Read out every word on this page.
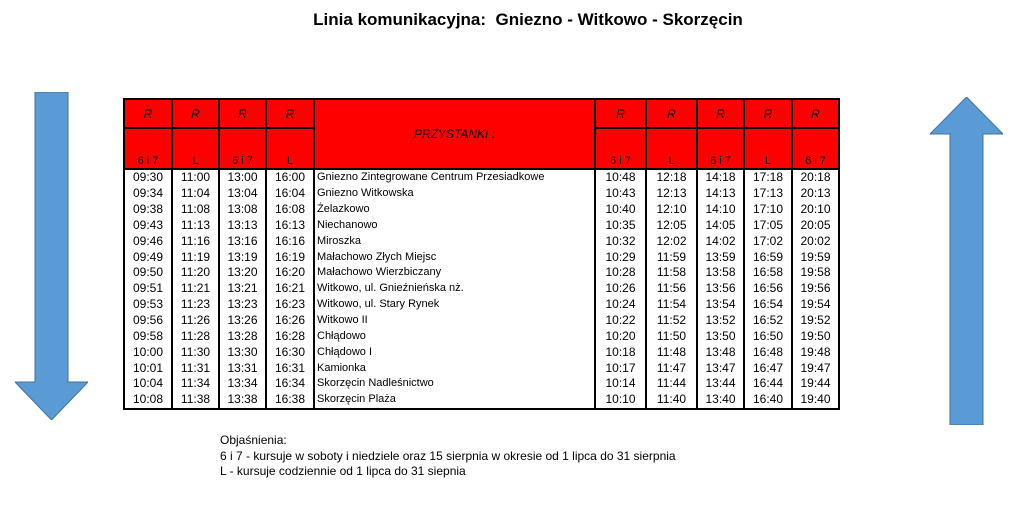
Linia komunikacyjna:  Gniezno - Witkowo - Skorzęcin
R	R	R	R	PRZYSTANKI :	R	R	R	R	R
6 i 7	L	6 i 7	L		6 i 7	L	6 i 7	L	6 i 7
09:30	11:00	13:00	16:00	Gniezno Zintegrowane Centrum Przesiadkowe	10:48	12:18	14:18	17:18	20:18
09:34	11:04	13:04	16:04	Gniezno Witkowska	10:43	12:13	14:13	17:13	20:13
09:38	11:08	13:08	16:08	Żelazkowo	10:40	12:10	14:10	17:10	20:10
09:43	11:13	13:13	16:13	Niechanowo	10:35	12:05	14:05	17:05	20:05
09:46	11:16	13:16	16:16	Miroszka	10:32	12:02	14:02	17:02	20:02
09:49	11:19	13:19	16:19	Małachowo Złych Miejsc	10:29	11:59	13:59	16:59	19:59
09:50	11:20	13:20	16:20	Małachowo Wierzbiczany	10:28	11:58	13:58	16:58	19:58
09:51	11:21	13:21	16:21	Witkowo, ul. Gnieźnieńska nż.	10:26	11:56	13:56	16:56	19:56
09:53	11:23	13:23	16:23	Witkowo, ul. Stary Rynek	10:24	11:54	13:54	16:54	19:54
09:56	11:26	13:26	16:26	Witkowo II	10:22	11:52	13:52	16:52	19:52
09:58	11:28	13:28	16:28	Chłądowo	10:20	11:50	13:50	16:50	19:50
10:00	11:30	13:30	16:30	Chłądowo I	10:18	11:48	13:48	16:48	19:48
10:01	11:31	13:31	16:31	Kamionka	10:17	11:47	13:47	16:47	19:47
10:04	11:34	13:34	16:34	Skorzęcin Nadleśnictwo	10:14	11:44	13:44	16:44	19:44
10:08	11:38	13:38	16:38	Skorzęcin Plaża	10:10	11:40	13:40	16:40	19:40
Objaśnienia:
6 i 7 - kursuje w soboty i niedziele oraz 15 sierpnia w okresie od 1 lipca do 31 sierpnia
L - kursuje codziennie od 1 lipca do 31 siepnia
